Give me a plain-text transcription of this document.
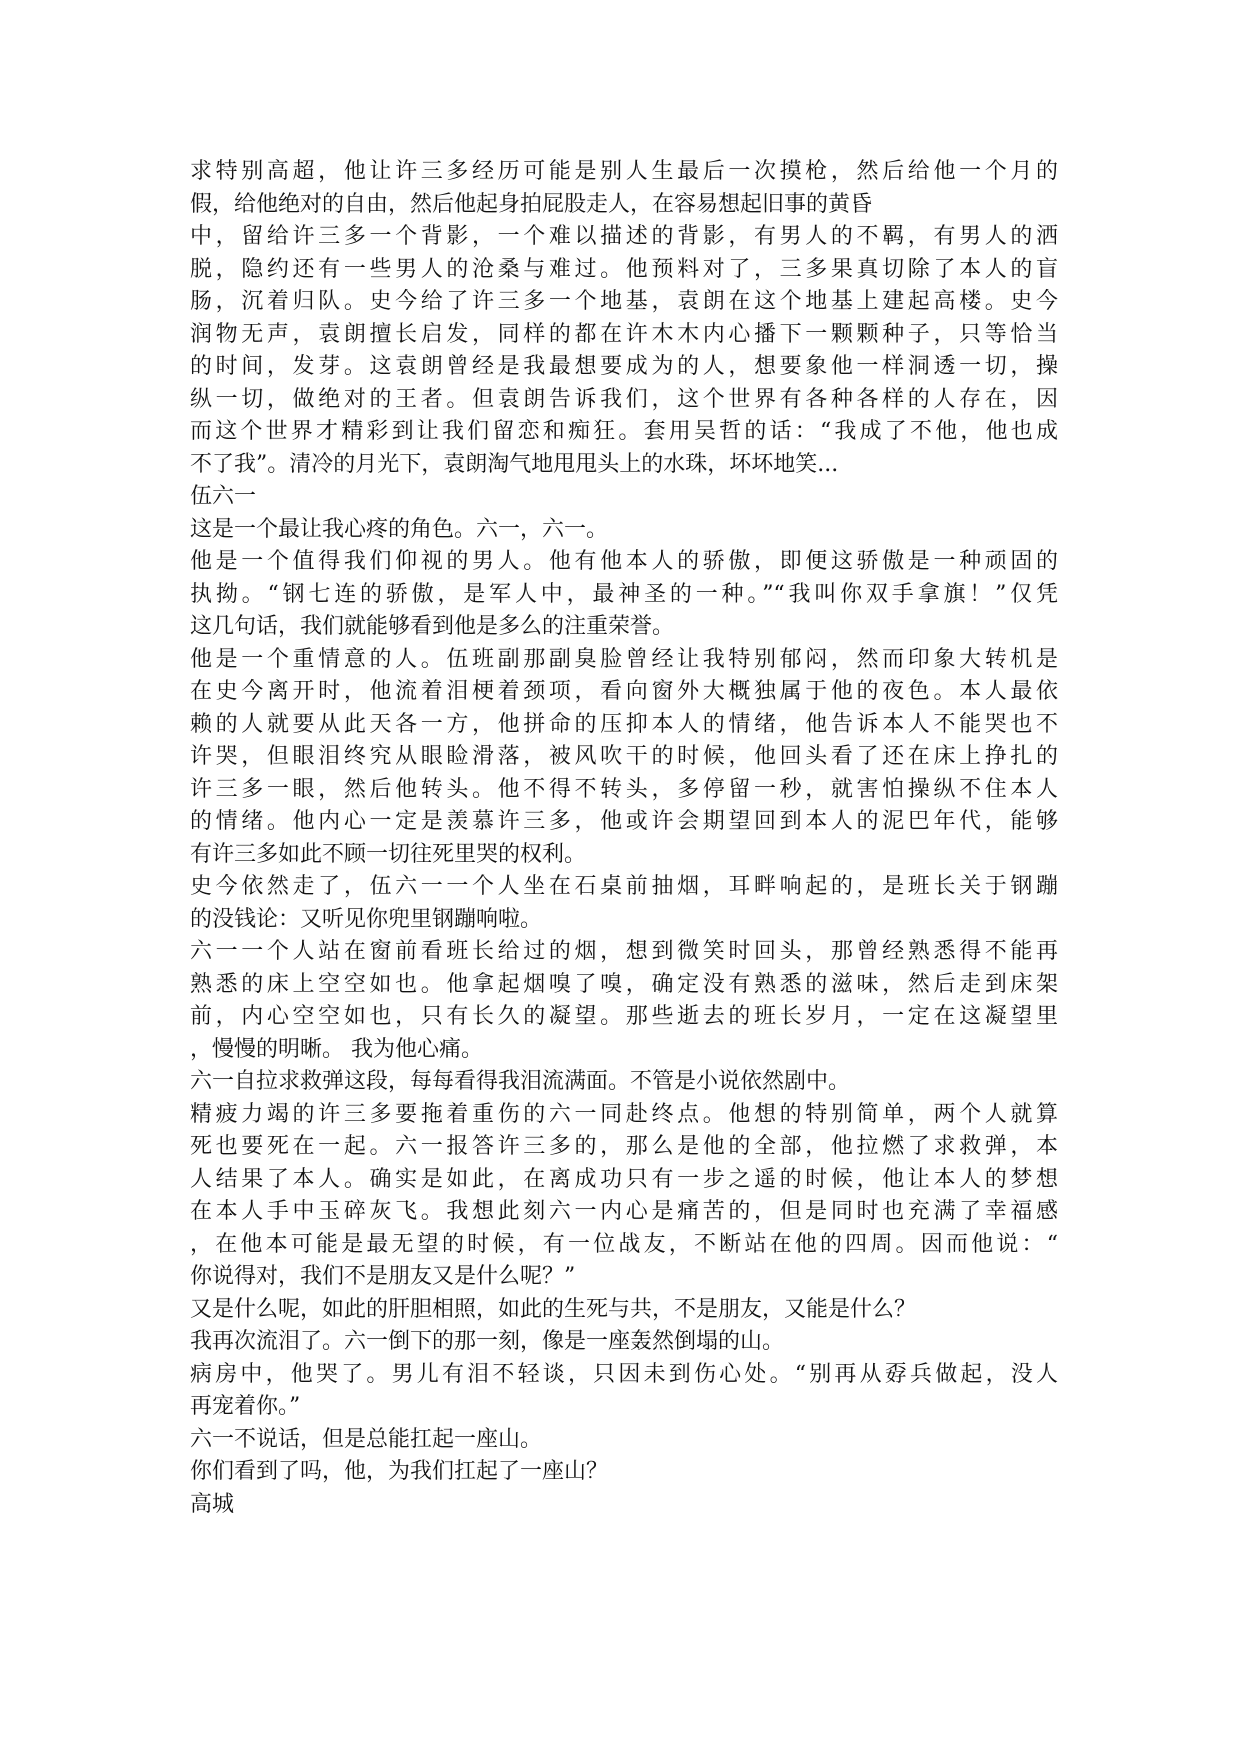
求特别高超，他让许三多经历可能是别人生最后一次摸枪，然后给他一个月的
假，给他绝对的自由，然后他起身拍屁股走人，在容易想起旧事的黄昏
中，留给许三多一个背影，一个难以描述的背影，有男人的不羁，有男人的洒
脱，隐约还有一些男人的沧桑与难过。他预料对了，三多果真切除了本人的盲
肠，沉着归队。史今给了许三多一个地基，袁朗在这个地基上建起高楼。史今
润物无声，袁朗擅长启发，同样的都在许木木内心播下一颗颗种子，只等恰当
的时间，发芽。这袁朗曾经是我最想要成为的人，想要象他一样洞透一切，操
纵一切，做绝对的王者。但袁朗告诉我们，这个世界有各种各样的人存在，因
而这个世界才精彩到让我们留恋和痴狂。套用吴哲的话：“我成了不他，他也成
不了我”。清冷的月光下，袁朗淘气地甩甩头上的水珠，坏坏地笑...
伍六一
这是一个最让我心疼的角色。六一，六一。
他是一个值得我们仰视的男人。他有他本人的骄傲，即便这骄傲是一种顽固的
执拗。“钢七连的骄傲，是军人中，最神圣的一种。”“我叫你双手拿旗！”仅凭
这几句话，我们就能够看到他是多么的注重荣誉。
他是一个重情意的人。伍班副那副臭脸曾经让我特别郁闷，然而印象大转机是
在史今离开时，他流着泪梗着颈项，看向窗外大概独属于他的夜色。本人最依
赖的人就要从此天各一方，他拼命的压抑本人的情绪，他告诉本人不能哭也不
许哭，但眼泪终究从眼睑滑落，被风吹干的时候，他回头看了还在床上挣扎的
许三多一眼，然后他转头。他不得不转头，多停留一秒，就害怕操纵不住本人
的情绪。他内心一定是羡慕许三多，他或许会期望回到本人的泥巴年代，能够
有许三多如此不顾一切往死里哭的权利。
史今依然走了，伍六一一个人坐在石桌前抽烟，耳畔响起的，是班长关于钢蹦
的没钱论：又听见你兜里钢蹦响啦。
六一一个人站在窗前看班长给过的烟，想到微笑时回头，那曾经熟悉得不能再
熟悉的床上空空如也。他拿起烟嗅了嗅，确定没有熟悉的滋味，然后走到床架
前，内心空空如也，只有长久的凝望。那些逝去的班长岁月，一定在这凝望里
，慢慢的明晰。 我为他心痛。
六一自拉求救弹这段，每每看得我泪流满面。不管是小说依然剧中。
精疲力竭的许三多要拖着重伤的六一同赴终点。他想的特别简单，两个人就算
死也要死在一起。六一报答许三多的，那么是他的全部，他拉燃了求救弹，本
人结果了本人。确实是如此，在离成功只有一步之遥的时候，他让本人的梦想
在本人手中玉碎灰飞。我想此刻六一内心是痛苦的，但是同时也充满了幸福感
，在他本可能是最无望的时候，有一位战友，不断站在他的四周。因而他说：“
你说得对，我们不是朋友又是什么呢？”
又是什么呢，如此的肝胆相照，如此的生死与共，不是朋友，又能是什么？
我再次流泪了。六一倒下的那一刻，像是一座轰然倒塌的山。
病房中，他哭了。男儿有泪不轻谈，只因未到伤心处。“别再从孬兵做起，没人
再宠着你。”
六一不说话，但是总能扛起一座山。
你们看到了吗，他，为我们扛起了一座山？
高城
